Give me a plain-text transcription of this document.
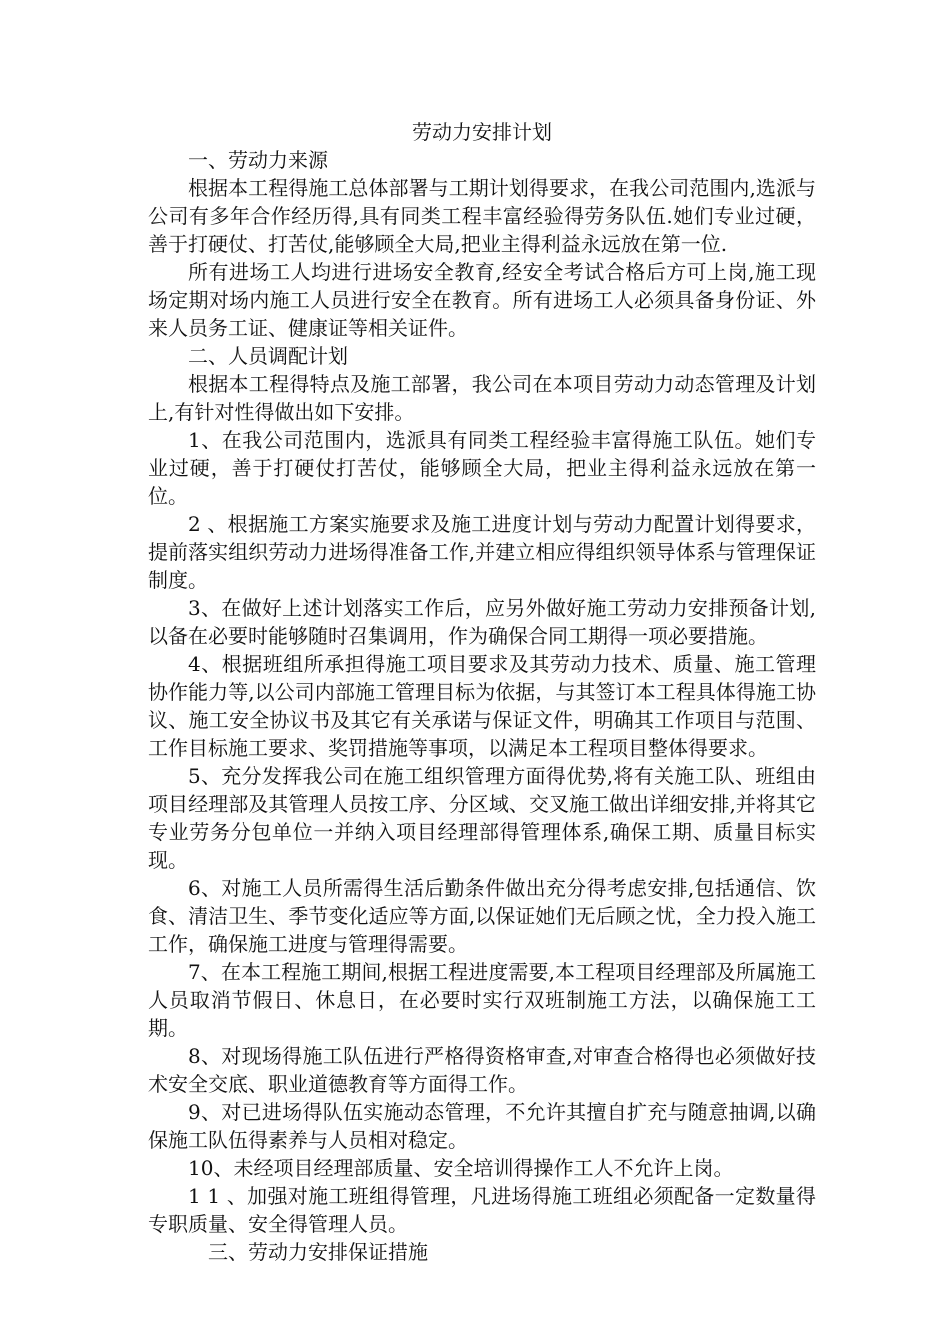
劳动力安排计划

一、劳动力来源

根据本工程得施工总体部署与工期计划得要求，在我公司范围内,选派与公司有多年合作经历得,具有同类工程丰富经验得劳务队伍.她们专业过硬，善于打硬仗、打苦仗,能够顾全大局,把业主得利益永远放在第一位.

所有进场工人均进行进场安全教育,经安全考试合格后方可上岗,施工现场定期对场内施工人员进行安全在教育。所有进场工人必须具备身份证、外来人员务工证、健康证等相关证件。

二、人员调配计划

根据本工程得特点及施工部署，我公司在本项目劳动力动态管理及计划上,有针对性得做出如下安排。

1、在我公司范围内，选派具有同类工程经验丰富得施工队伍。她们专业过硬，善于打硬仗打苦仗，能够顾全大局，把业主得利益永远放在第一位。

2 、根据施工方案实施要求及施工进度计划与劳动力配置计划得要求，提前落实组织劳动力进场得准备工作,并建立相应得组织领导体系与管理保证制度。

3、在做好上述计划落实工作后，应另外做好施工劳动力安排预备计划,以备在必要时能够随时召集调用，作为确保合同工期得一项必要措施。

4、根据班组所承担得施工项目要求及其劳动力技术、质量、施工管理协作能力等,以公司内部施工管理目标为依据，与其签订本工程具体得施工协议、施工安全协议书及其它有关承诺与保证文件，明确其工作项目与范围、工作目标施工要求、奖罚措施等事项，以满足本工程项目整体得要求。

5、充分发挥我公司在施工组织管理方面得优势,将有关施工队、班组由项目经理部及其管理人员按工序、分区域、交叉施工做出详细安排,并将其它专业劳务分包单位一并纳入项目经理部得管理体系,确保工期、质量目标实现。

6、对施工人员所需得生活后勤条件做出充分得考虑安排,包括通信、饮食、清洁卫生、季节变化适应等方面,以保证她们无后顾之忧，全力投入施工工作，确保施工进度与管理得需要。

7、在本工程施工期间,根据工程进度需要,本工程项目经理部及所属施工人员取消节假日、休息日，在必要时实行双班制施工方法，以确保施工工期。

8、对现场得施工队伍进行严格得资格审查,对审查合格得也必须做好技术安全交底、职业道德教育等方面得工作。

9、对已进场得队伍实施动态管理，不允许其擅自扩充与随意抽调,以确保施工队伍得素养与人员相对稳定。

10、未经项目经理部质量、安全培训得操作工人不允许上岗。

1 1 、加强对施工班组得管理，凡进场得施工班组必须配备一定数量得专职质量、安全得管理人员。

三、劳动力安排保证措施
